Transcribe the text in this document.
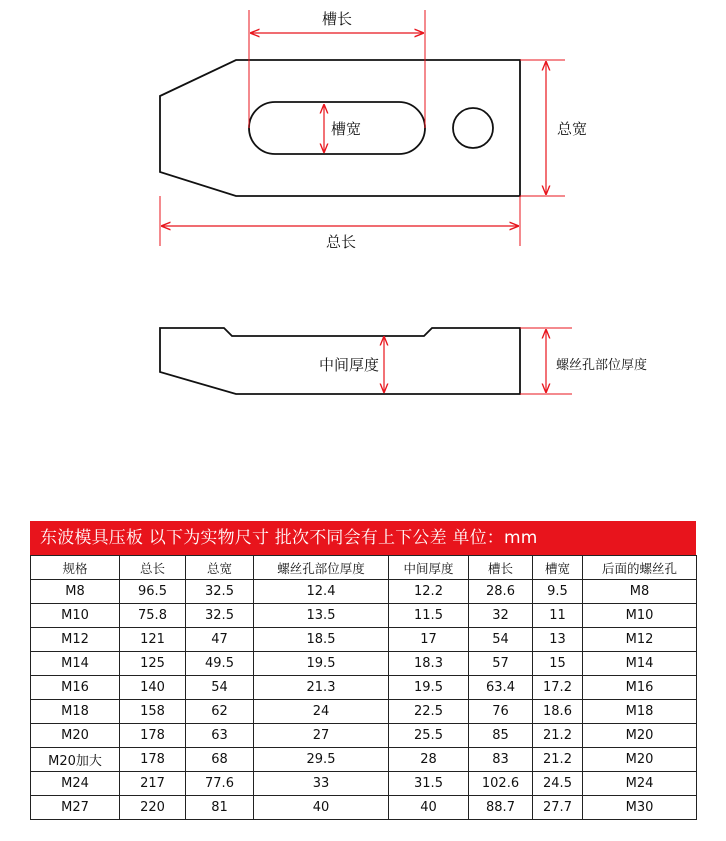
槽长
槽宽	总宽
总长
中间厚度	螺丝孔部位厚度
东波模具压板 以下为实物尺寸 批次不同会有上下公差 单位：mm
规格	总长	总宽	螺丝孔部位厚度	中间厚度	槽长	槽宽	后面的螺丝孔
M8	96.5	32.5	12.4	12.2	28.6	9.5	M8
M10	75.8	32.5	13.5	11.5	32	11	M10
M12	121	47	18.5	17	54	13	M12
M14	125	49.5	19.5	18.3	57	15	M14
M16	140	54	21.3	19.5	63.4	17.2	M16
M18	158	62	24	22.5	76	18.6	M18
M20	178	63	27	25.5	85	21.2	M20
M20加大	178	68	29.5	28	83	21.2	M20
M24	217	77.6	33	31.5	102.6	24.5	M24
M27	220	81	40	40	88.7	27.7	M30
